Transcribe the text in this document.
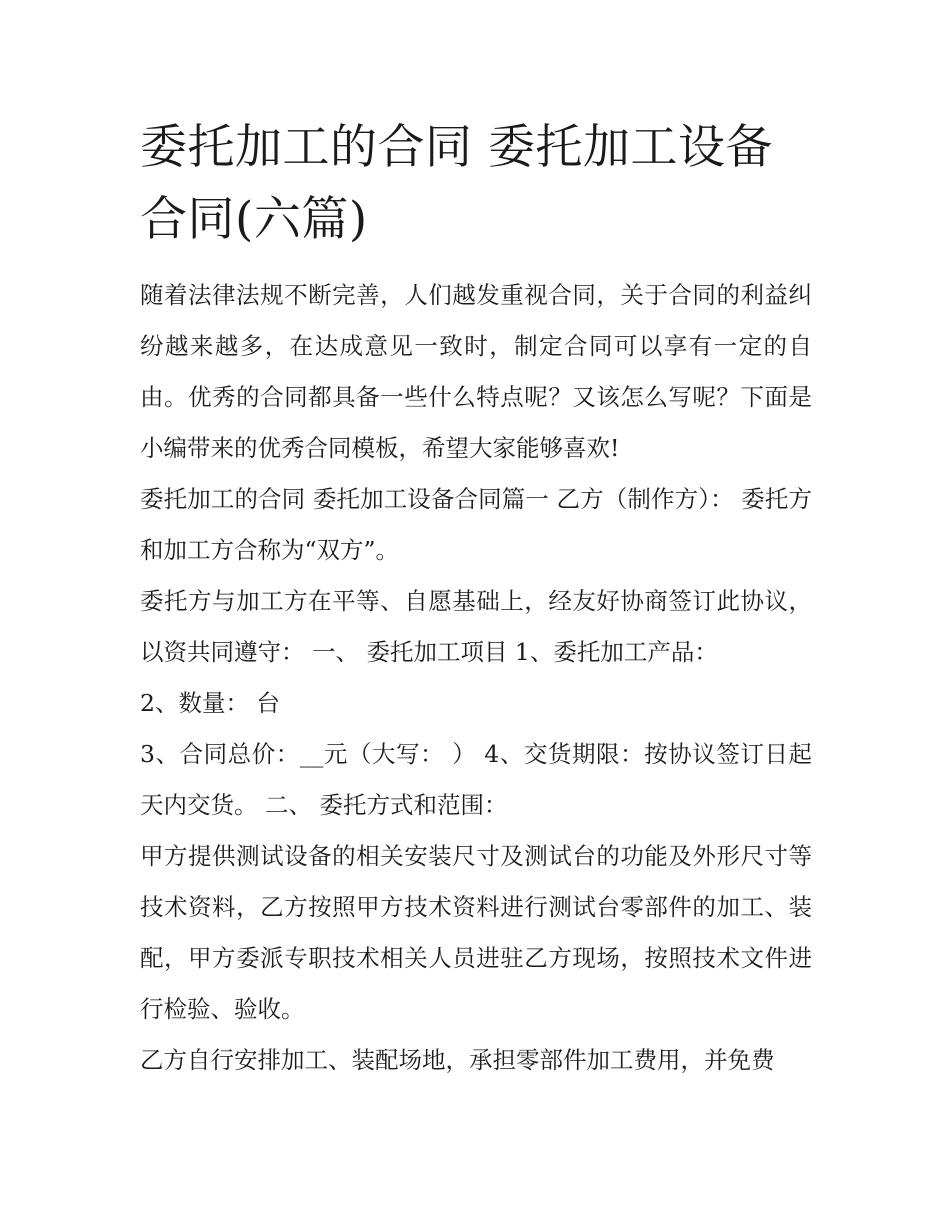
委托加工的合同 委托加工设备合同(六篇)

随着法律法规不断完善，人们越发重视合同，关于合同的利益纠纷越来越多，在达成意见一致时，制定合同可以享有一定的自由。优秀的合同都具备一些什么特点呢？又该怎么写呢？下面是小编带来的优秀合同模板，希望大家能够喜欢!

委托加工的合同 委托加工设备合同篇一 乙方（制作方）： 委托方和加工方合称为“双方”。

委托方与加工方在平等、自愿基础上，经友好协商签订此协议，以资共同遵守： 一、 委托加工项目 1、委托加工产品：

2、数量： 台

3、合同总价：__元（大写： ） 4、交货期限：按协议签订日起 天内交货。 二、 委托方式和范围：

甲方提供测试设备的相关安装尺寸及测试台的功能及外形尺寸等技术资料，乙方按照甲方技术资料进行测试台零部件的加工、装配，甲方委派专职技术相关人员进驻乙方现场，按照技术文件进行检验、验收。

乙方自行安排加工、装配场地，承担零部件加工费用，并免费
